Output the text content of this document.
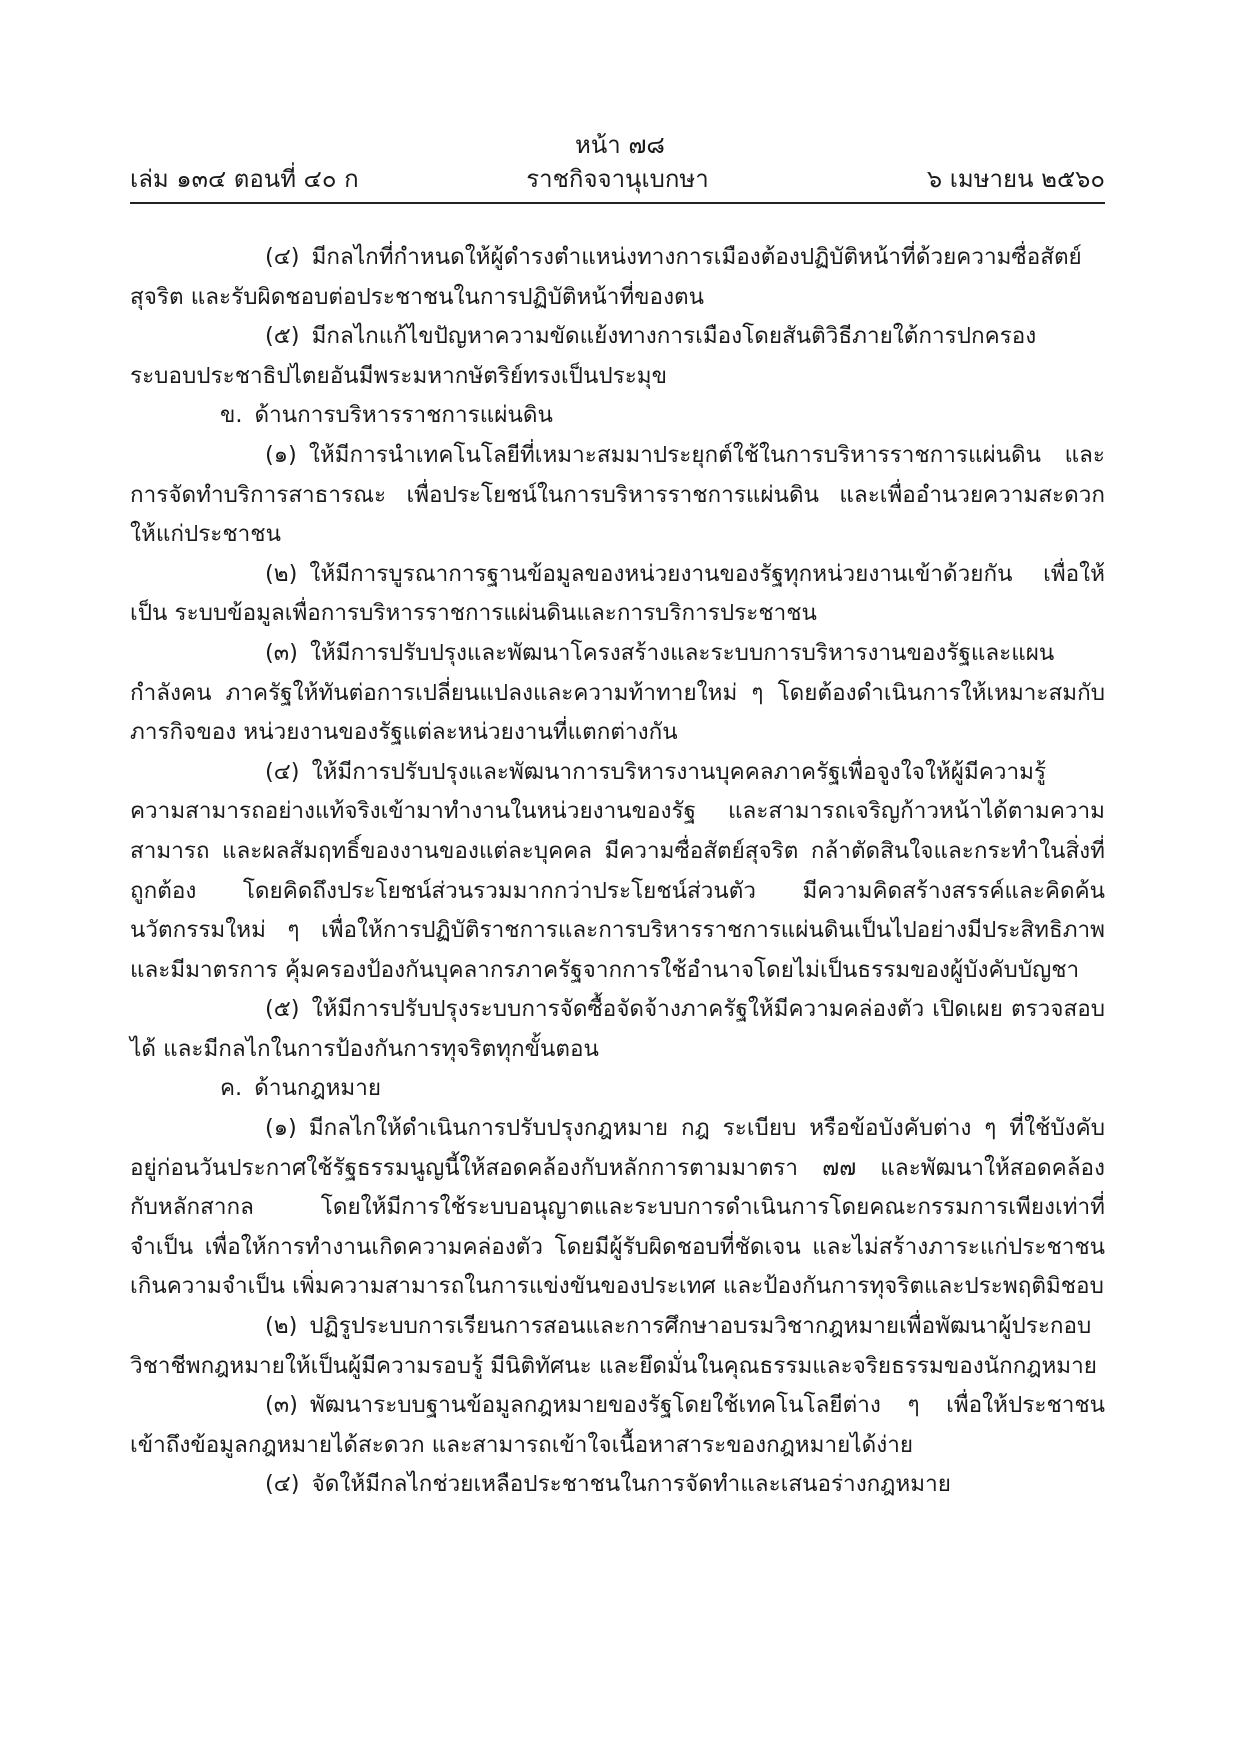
หน้า ๗๘
เล่ม ๑๓๔ ตอนที่ ๔๐ ก	ราชกิจจานุเบกษา	๖ เมษายน ๒๕๖๐

(๔) มีกลไกที่กำหนดให้ผู้ดำรงตำแหน่งทางการเมืองต้องปฏิบัติหน้าที่ด้วยความซื่อสัตย์สุจริต และรับผิดชอบต่อประชาชนในการปฏิบัติหน้าที่ของตน

(๕) มีกลไกแก้ไขปัญหาความขัดแย้งทางการเมืองโดยสันติวิธีภายใต้การปกครอง ระบอบประชาธิปไตยอันมีพระมหากษัตริย์ทรงเป็นประมุข

ข. ด้านการบริหารราชการแผ่นดิน

(๑) ให้มีการนำเทคโนโลยีที่เหมาะสมมาประยุกต์ใช้ในการบริหารราชการแผ่นดิน และการจัดทำบริการสาธารณะ เพื่อประโยชน์ในการบริหารราชการแผ่นดิน และเพื่ออำนวยความสะดวก ให้แก่ประชาชน

(๒) ให้มีการบูรณาการฐานข้อมูลของหน่วยงานของรัฐทุกหน่วยงานเข้าด้วยกัน เพื่อให้เป็น ระบบข้อมูลเพื่อการบริหารราชการแผ่นดินและการบริการประชาชน

(๓) ให้มีการปรับปรุงและพัฒนาโครงสร้างและระบบการบริหารงานของรัฐและแผนกำลังคน ภาครัฐให้ทันต่อการเปลี่ยนแปลงและความท้าทายใหม่ ๆ โดยต้องดำเนินการให้เหมาะสมกับภารกิจของ หน่วยงานของรัฐแต่ละหน่วยงานที่แตกต่างกัน

(๔) ให้มีการปรับปรุงและพัฒนาการบริหารงานบุคคลภาครัฐเพื่อจูงใจให้ผู้มีความรู้ ความสามารถอย่างแท้จริงเข้ามาทำงานในหน่วยงานของรัฐ และสามารถเจริญก้าวหน้าได้ตามความสามารถ และผลสัมฤทธิ์ของงานของแต่ละบุคคล มีความซื่อสัตย์สุจริต กล้าตัดสินใจและกระทำในสิ่งที่ถูกต้อง โดยคิดถึงประโยชน์ส่วนรวมมากกว่าประโยชน์ส่วนตัว มีความคิดสร้างสรรค์และคิดค้นนวัตกรรมใหม่ ๆ เพื่อให้การปฏิบัติราชการและการบริหารราชการแผ่นดินเป็นไปอย่างมีประสิทธิภาพ และมีมาตรการ คุ้มครองป้องกันบุคลากรภาครัฐจากการใช้อำนาจโดยไม่เป็นธรรมของผู้บังคับบัญชา

(๕) ให้มีการปรับปรุงระบบการจัดซื้อจัดจ้างภาครัฐให้มีความคล่องตัว เปิดเผย ตรวจสอบได้ และมีกลไกในการป้องกันการทุจริตทุกขั้นตอน

ค. ด้านกฎหมาย

(๑) มีกลไกให้ดำเนินการปรับปรุงกฎหมาย กฎ ระเบียบ หรือข้อบังคับต่าง ๆ ที่ใช้บังคับ อยู่ก่อนวันประกาศใช้รัฐธรรมนูญนี้ให้สอดคล้องกับหลักการตามมาตรา ๗๗ และพัฒนาให้สอดคล้อง กับหลักสากล โดยให้มีการใช้ระบบอนุญาตและระบบการดำเนินการโดยคณะกรรมการเพียงเท่าที่จำเป็น เพื่อให้การทำงานเกิดความคล่องตัว โดยมีผู้รับผิดชอบที่ชัดเจน และไม่สร้างภาระแก่ประชาชน เกินความจำเป็น เพิ่มความสามารถในการแข่งขันของประเทศ และป้องกันการทุจริตและประพฤติมิชอบ

(๒) ปฏิรูประบบการเรียนการสอนและการศึกษาอบรมวิชากฎหมายเพื่อพัฒนาผู้ประกอบ วิชาชีพกฎหมายให้เป็นผู้มีความรอบรู้ มีนิติทัศนะ และยึดมั่นในคุณธรรมและจริยธรรมของนักกฎหมาย

(๓) พัฒนาระบบฐานข้อมูลกฎหมายของรัฐโดยใช้เทคโนโลยีต่าง ๆ เพื่อให้ประชาชน เข้าถึงข้อมูลกฎหมายได้สะดวก และสามารถเข้าใจเนื้อหาสาระของกฎหมายได้ง่าย

(๔) จัดให้มีกลไกช่วยเหลือประชาชนในการจัดทำและเสนอร่างกฎหมาย
